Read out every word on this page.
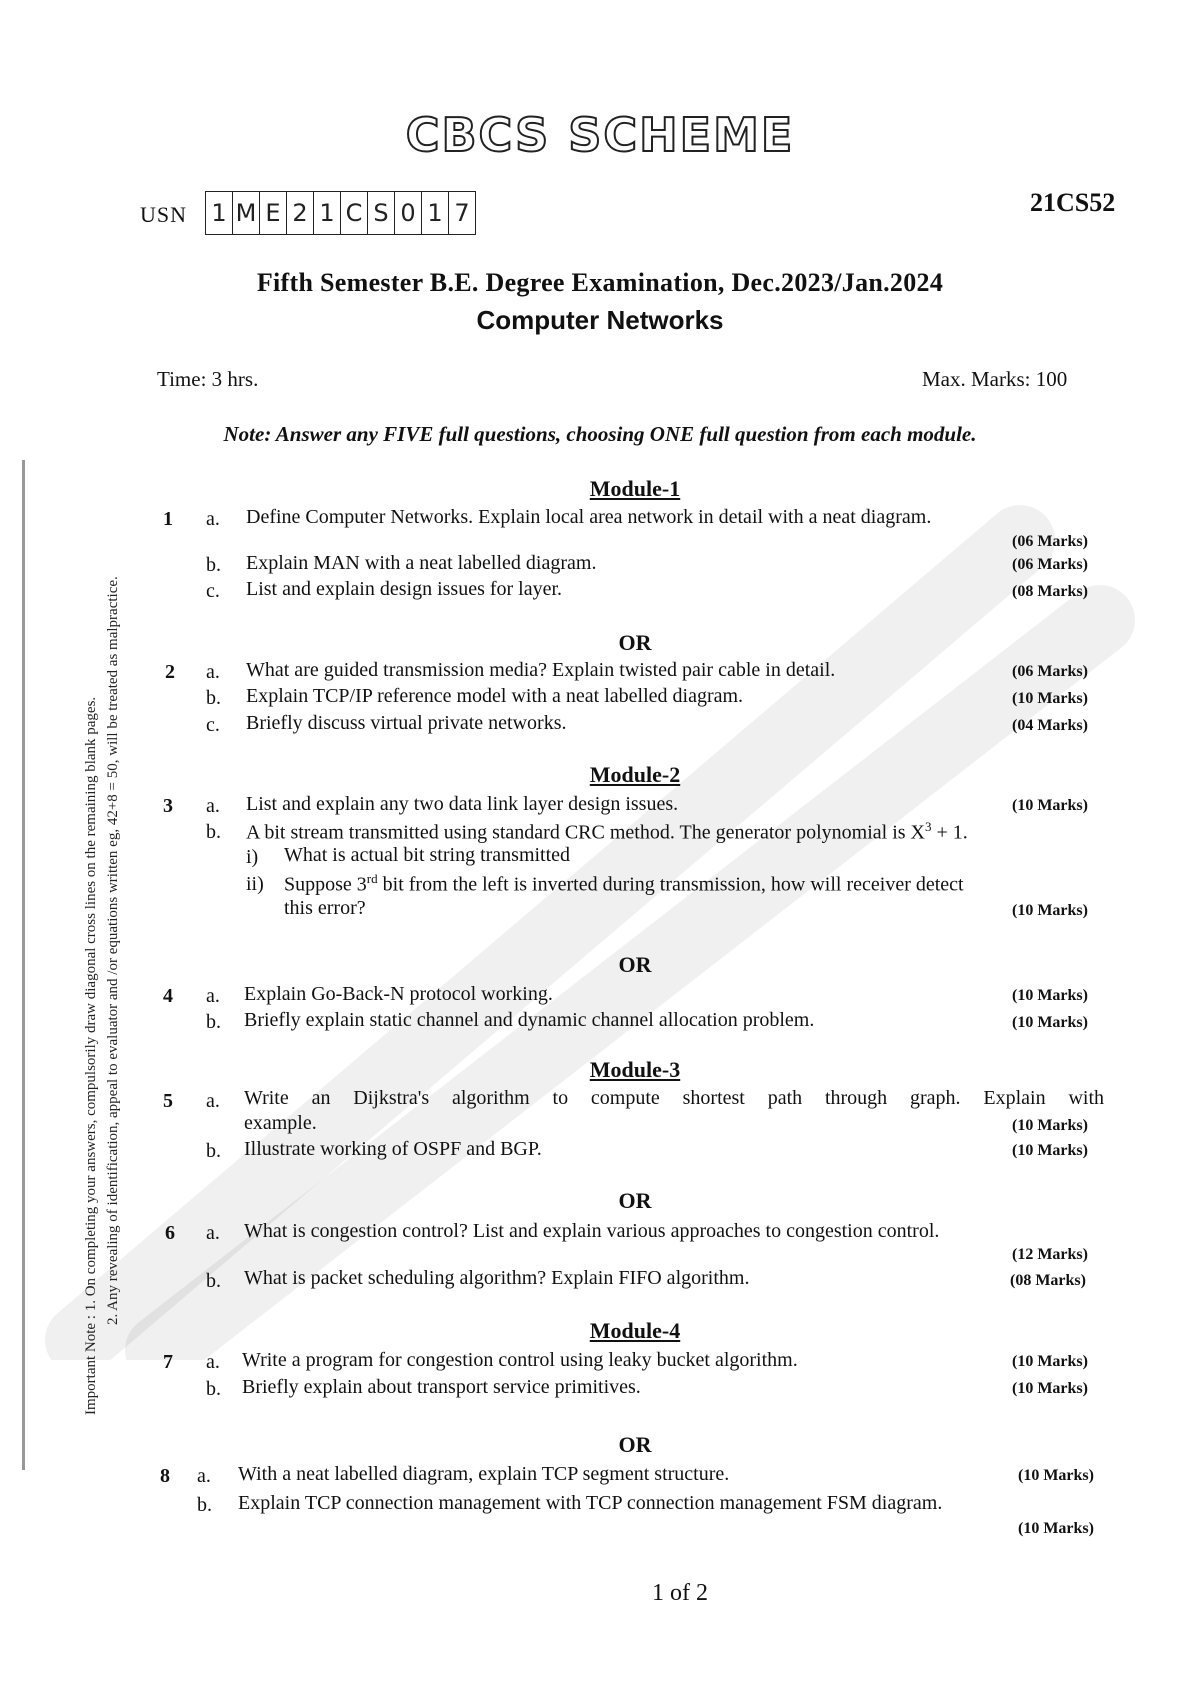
CBCS SCHEME
USN 1 M E 2 1 C S 0 1 7	21CS52
Fifth Semester B.E. Degree Examination, Dec.2023/Jan.2024
Computer Networks
Time: 3 hrs.	Max. Marks: 100
Note: Answer any FIVE full questions, choosing ONE full question from each module.
Module-1
1 a. Define Computer Networks. Explain local area network in detail with a neat diagram.
(06 Marks)
b. Explain MAN with a neat labelled diagram.	(06 Marks)
c. List and explain design issues for layer.	(08 Marks)
OR
2 a. What are guided transmission media? Explain twisted pair cable in detail.	(06 Marks)
b. Explain TCP/IP reference model with a neat labelled diagram.	(10 Marks)
c. Briefly discuss virtual private networks.	(04 Marks)
Module-2
3 a. List and explain any two data link layer design issues.	(10 Marks)
b. A bit stream transmitted using standard CRC method. The generator polynomial is $X^3 + 1$.
i) What is actual bit string transmitted
ii) Suppose 3rd bit from the left is inverted during transmission, how will receiver detect
this error?	(10 Marks)
OR
4 a. Explain Go-Back-N protocol working.	(10 Marks)
b. Briefly explain static channel and dynamic channel allocation problem.	(10 Marks)
Module-3
5 a. Write an Dijkstra's algorithm to compute shortest path through graph. Explain with
example.	(10 Marks)
b. Illustrate working of OSPF and BGP.	(10 Marks)
OR
6 a. What is congestion control? List and explain various approaches to congestion control.
(12 Marks)
b. What is packet scheduling algorithm? Explain FIFO algorithm.	(08 Marks)
Module-4
7 a. Write a program for congestion control using leaky bucket algorithm.	(10 Marks)
b. Briefly explain about transport service primitives.	(10 Marks)
OR
8 a. With a neat labelled diagram, explain TCP segment structure.	(10 Marks)
b. Explain TCP connection management with TCP connection management FSM diagram.
(10 Marks)
Important Note : 1. On completing your answers, compulsorily draw diagonal cross lines on the remaining blank pages. 2. Any revealing of identification, appeal to evaluator and /or equations written eg, 42+8 = 50, will be treated as malpractice.
1 of 2
